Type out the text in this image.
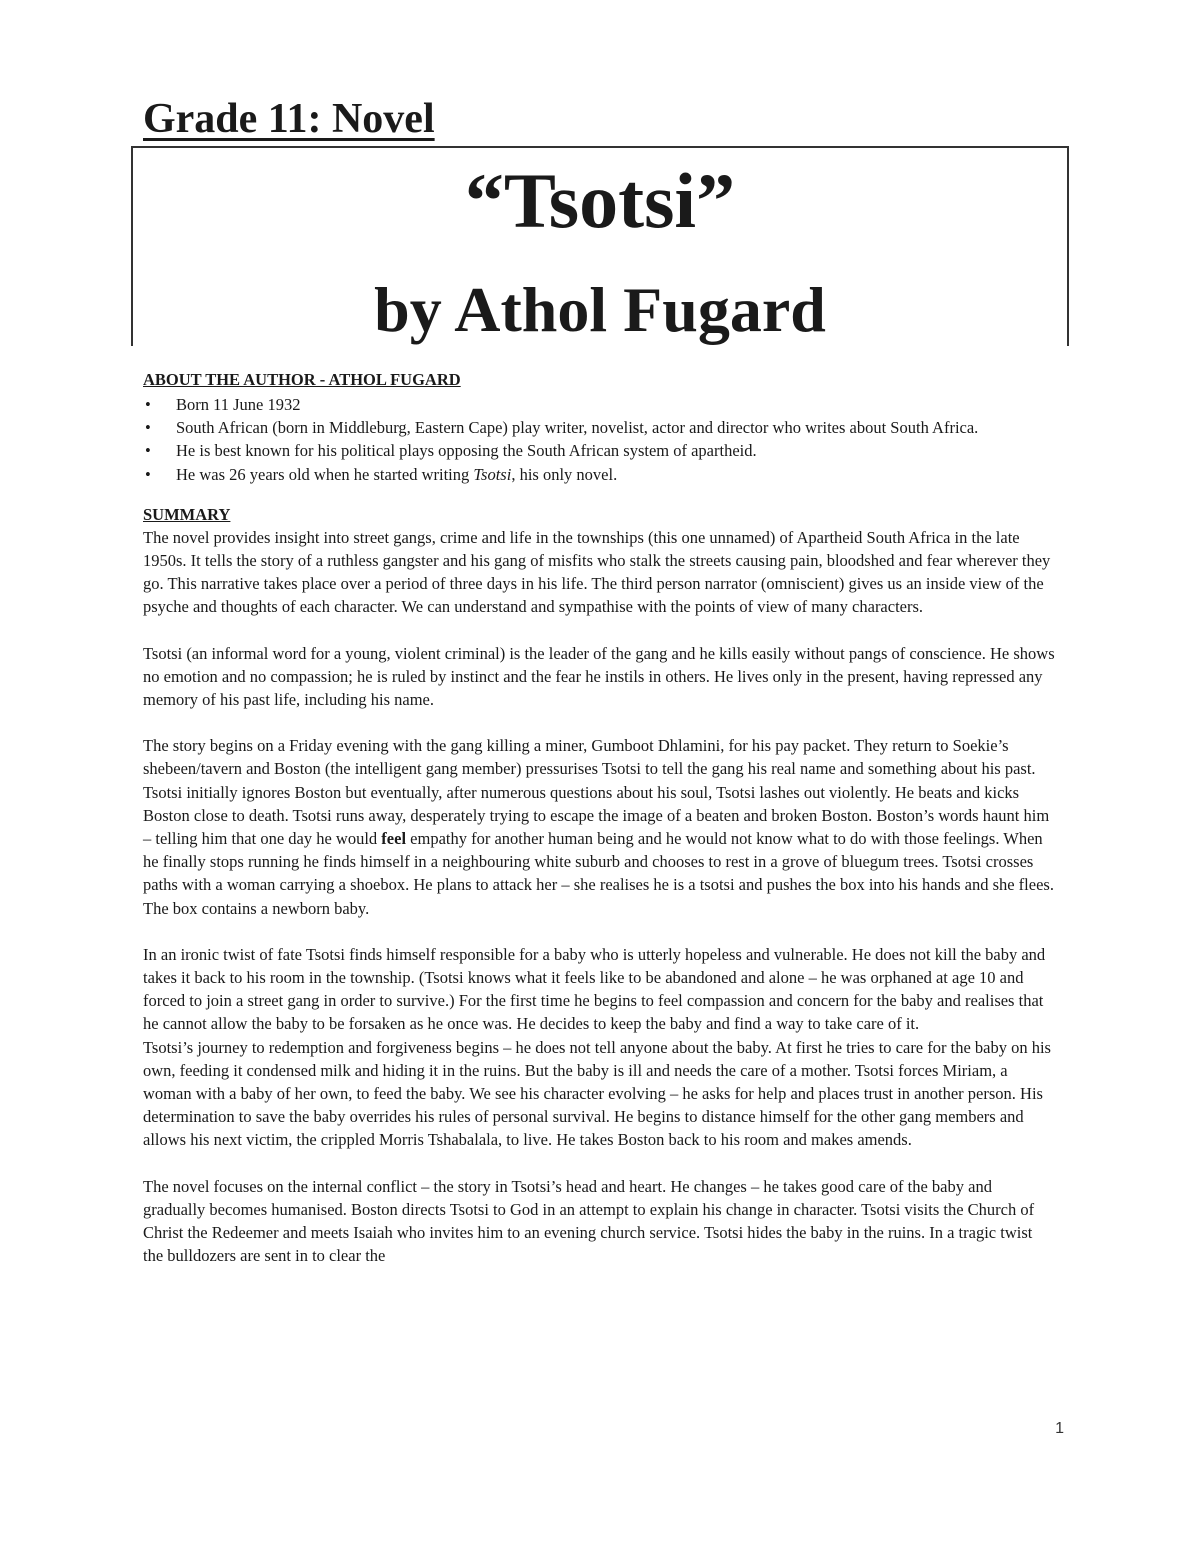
Grade 11: Novel
“Tsotsi”
by Athol Fugard
ABOUT THE AUTHOR - ATHOL FUGARD
• Born 11 June 1932
• South African (born in Middleburg, Eastern Cape) play writer, novelist, actor and director who writes about South Africa.
• He is best known for his political plays opposing the South African system of apartheid.
• He was 26 years old when he started writing Tsotsi, his only novel.
SUMMARY

The novel provides insight into street gangs, crime and life in the townships (this one unnamed) of Apartheid South Africa in the late 1950s. It tells the story of a ruthless gangster and his gang of misfits who stalk the streets causing pain, bloodshed and fear wherever they go. This narrative takes place over a period of three days in his life. The third person narrator (omniscient) gives us an inside view of the psyche and thoughts of each character. We can understand and sympathise with the points of view of many characters.

Tsotsi (an informal word for a young, violent criminal) is the leader of the gang and he kills easily without pangs of conscience. He shows no emotion and no compassion; he is ruled by instinct and the fear he instils in others. He lives only in the present, having repressed any memory of his past life, including his name.

The story begins on a Friday evening with the gang killing a miner, Gumboot Dhlamini, for his pay packet. They return to Soekie’s shebeen/tavern and Boston (the intelligent gang member) pressurises Tsotsi to tell the gang his real name and something about his past. Tsotsi initially ignores Boston but eventually, after numerous questions about his soul, Tsotsi lashes out violently. He beats and kicks Boston close to death. Tsotsi runs away, desperately trying to escape the image of a beaten and broken Boston. Boston’s words haunt him – telling him that one day he would feel empathy for another human being and he would not know what to do with those feelings. When he finally stops running he finds himself in a neighbouring white suburb and chooses to rest in a grove of bluegum trees. Tsotsi crosses paths with a woman carrying a shoebox. He plans to attack her – she realises he is a tsotsi and pushes the box into his hands and she flees. The box contains a newborn baby.

In an ironic twist of fate Tsotsi finds himself responsible for a baby who is utterly hopeless and vulnerable. He does not kill the baby and takes it back to his room in the township. (Tsotsi knows what it feels like to be abandoned and alone – he was orphaned at age 10 and forced to join a street gang in order to survive.) For the first time he begins to feel compassion and concern for the baby and realises that he cannot allow the baby to be forsaken as he once was. He decides to keep the baby and find a way to take care of it.

Tsotsi’s journey to redemption and forgiveness begins – he does not tell anyone about the baby. At first he tries to care for the baby on his own, feeding it condensed milk and hiding it in the ruins. But the baby is ill and needs the care of a mother. Tsotsi forces Miriam, a woman with a baby of her own, to feed the baby. We see his character evolving – he asks for help and places trust in another person. His determination to save the baby overrides his rules of personal survival. He begins to distance himself for the other gang members and allows his next victim, the crippled Morris Tshabalala, to live. He takes Boston back to his room and makes amends.

The novel focuses on the internal conflict – the story in Tsotsi’s head and heart. He changes – he takes good care of the baby and gradually becomes humanised. Boston directs Tsotsi to God in an attempt to explain his change in character. Tsotsi visits the Church of Christ the Redeemer and meets Isaiah who invites him to an evening church service. Tsotsi hides the baby in the ruins. In a tragic twist the bulldozers are sent in to clear the

1
